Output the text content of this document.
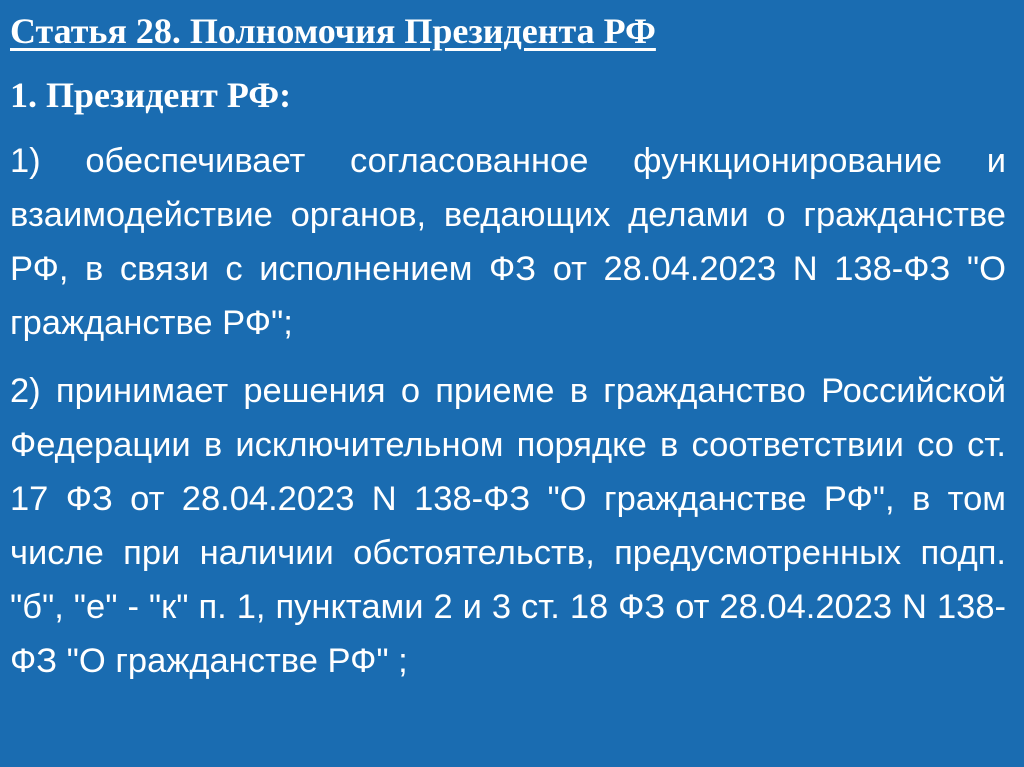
Статья 28. Полномочия Президента РФ

1. Президент РФ:

1) обеспечивает согласованное функционирование и взаимодействие органов, ведающих делами о гражданстве РФ, в связи с исполнением ФЗ от 28.04.2023 N 138-ФЗ "О гражданстве РФ";

2) принимает решения о приеме в гражданство Российской Федерации в исключительном порядке в соответствии со ст. 17 ФЗ от 28.04.2023 N 138-ФЗ "О гражданстве РФ", в том числе при наличии обстоятельств, предусмотренных подп. "б", "е" - "к" п. 1, пунктами 2 и 3 ст. 18 ФЗ от 28.04.2023 N 138-ФЗ "О гражданстве РФ" ;
